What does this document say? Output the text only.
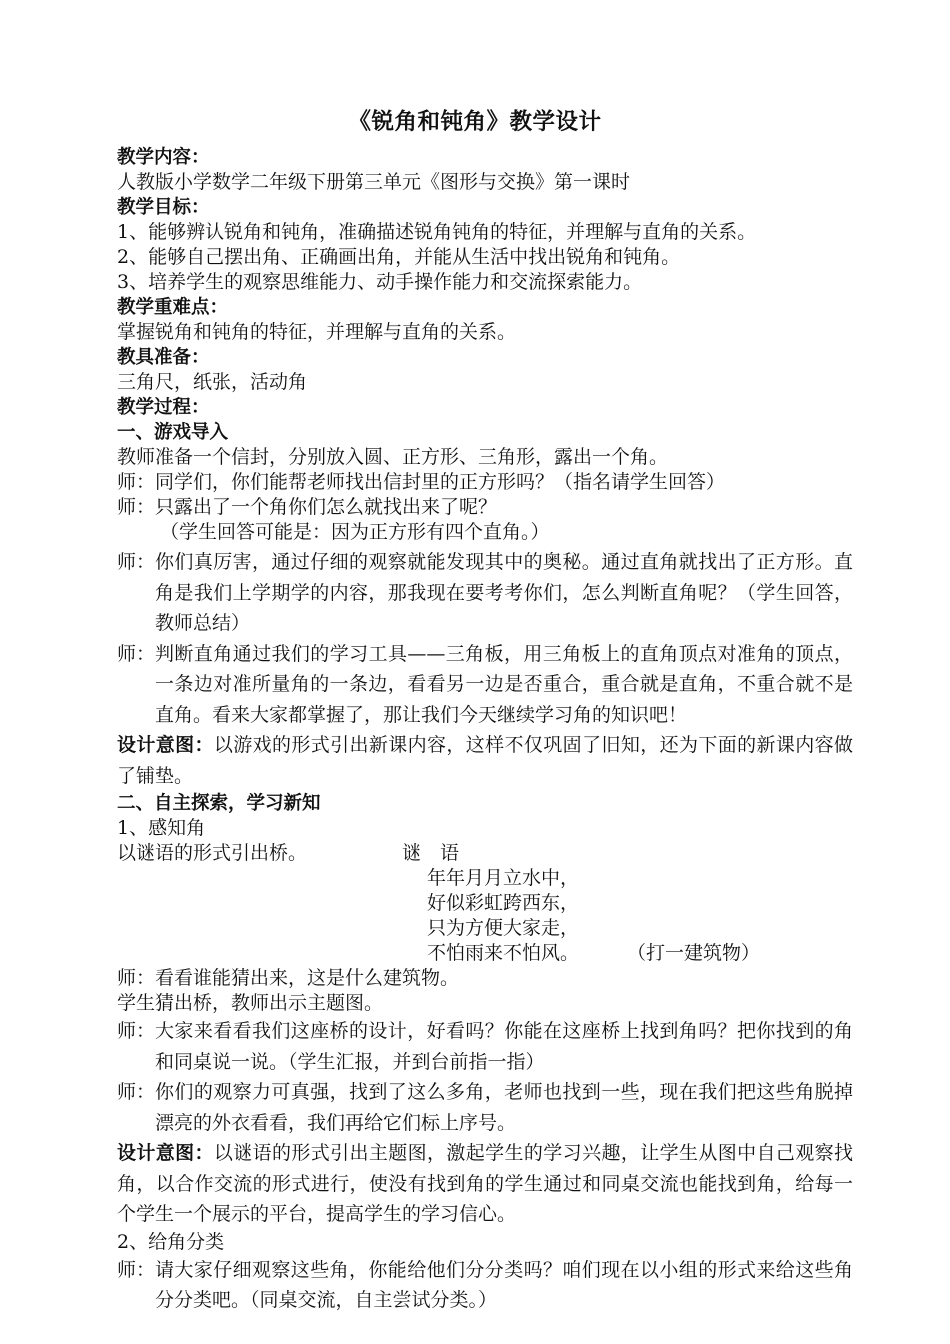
《锐角和钝角》教学设计
教学内容：
人教版小学数学二年级下册第三单元《图形与交换》第一课时
教学目标：
1、能够辨认锐角和钝角，准确描述锐角钝角的特征，并理解与直角的关系。
2、能够自己摆出角、正确画出角，并能从生活中找出锐角和钝角。
3、培养学生的观察思维能力、动手操作能力和交流探索能力。
教学重难点：
掌握锐角和钝角的特征，并理解与直角的关系。
教具准备：
三角尺，纸张，活动角
教学过程：
一、游戏导入
教师准备一个信封，分别放入圆、正方形、三角形，露出一个角。
师： 同学们，你们能帮老师找出信封里的正方形吗？（指名请学生回答）
师： 只露出了一个角你们怎么就找出来了呢？
（学生回答可能是：因为正方形有四个直角。）
师： 你们真厉害，通过仔细的观察就能发现其中的奥秘。通过直角就找出了正方形。直角是我们上学期学的内容，那我现在要考考你们，怎么判断直角呢？（学生回答，教师总结）
师： 判断直角通过我们的学习工具——三角板，用三角板上的直角顶点对准角的顶点，一条边对准所量角的一条边，看看另一边是否重合，重合就是直角，不重合就不是直角。看来大家都掌握了，那让我们今天继续学习角的知识吧！
设计意图：以游戏的形式引出新课内容，这样不仅巩固了旧知，还为下面的新课内容做了铺垫。
二、自主探索，学习新知
1、感知角
以谜语的形式引出桥。	谜　语
年年月月立水中，
好似彩虹跨西东，
只为方便大家走，
不怕雨来不怕风。	（打一建筑物）
师： 看看谁能猜出来，这是什么建筑物。
学生猜出桥，教师出示主题图。
师： 大家来看看我们这座桥的设计，好看吗？你能在这座桥上找到角吗？把你找到的角和同桌说一说。（学生汇报，并到台前指一指）
师： 你们的观察力可真强，找到了这么多角，老师也找到一些，现在我们把这些角脱掉漂亮的外衣看看，我们再给它们标上序号。
设计意图：以谜语的形式引出主题图，激起学生的学习兴趣，让学生从图中自己观察找角，以合作交流的形式进行，使没有找到角的学生通过和同桌交流也能找到角，给每一个学生一个展示的平台，提高学生的学习信心。
2、给角分类
师： 请大家仔细观察这些角，你能给他们分分类吗？咱们现在以小组的形式来给这些角分分类吧。（同桌交流，自主尝试分类。）
